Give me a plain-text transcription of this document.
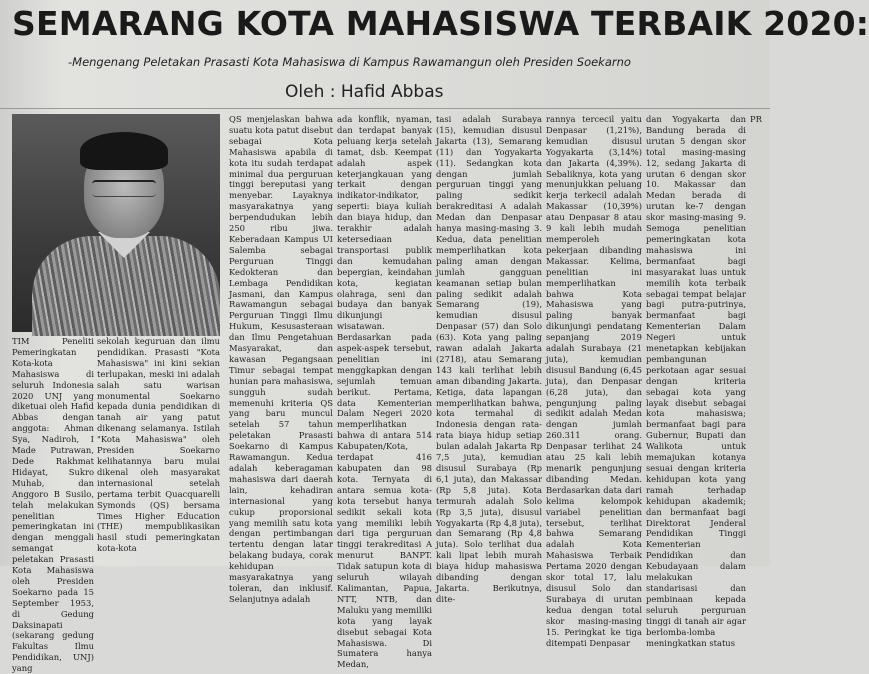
SEMARANG KOTA MAHASISWA TERBAIK 2020:
-Mengenang Peletakan Prasasti Kota Mahasiswa di Kampus Rawamangun oleh Presiden Soekarno
Oleh : Hafid Abbas

TIM Peneliti Pemeringkatan Kota-kota Mahasiswa di seluruh Indonesia 2020 UNJ yang diketuai oleh Hafid Abbas dengan anggota: Ahman Sya, Nadiroh, I Made Putrawan, Dede Rakhmat Hidayat, Sukro Muhab, dan Anggoro B Susilo, telah melakukan penelitian pemeringkatan ini dengan menggali semangat peletakan Prasasti Kota Mahasiswa oleh Presiden Soekarno pada 15 September 1953, di Gedung Daksinapati (sekarang gedung Fakultas Ilmu Pendidikan, UNJ) yang

sekolah keguruan dan ilmu pendidikan. Prasasti "Kota Mahasiswa" ini kini sekian terlupakan, meski ini adalah salah satu warisan monumental Soekarno kepada dunia pendidikan di tanah air yang patut dikenang selamanya. Istilah "Kota Mahasiswa" oleh Presiden Soekarno kelihatannya baru mulai dikenal oleh masyarakat internasional setelah pertama terbit Quacquarelli Symonds (QS) bersama Times Higher Education (THE) mempublikasikan hasil studi pemeringkatan kota-kota

QS menjelaskan bahwa suatu kota patut disebut sebagai Kota Mahasiswa apabila di kota itu sudah terdapat minimal dua perguruan tinggi bereputasi yang menyebar. Layaknya masyarakatnya yang berpendudukan lebih 250 ribu jiwa. Keberadaan Kampus UI Salemba sebagai Perguruan Tinggi Kedokteran dan Lembaga Pendidikan Jasmani, dan Kampus Rawamangun sebagai Perguruan Tinggi Ilmu Hukum, Kesusasteraan dan Ilmu Pengetahuan Masyarakat, dan kawasan Pegangsaan Timur sebagai tempat hunian para mahasiswa, sungguh sudah memenuhi kriteria QS yang baru muncul setelah 57 tahun peletakan Prasasti Soekarno di Kampus Rawamangun. Kedua adalah keberagaman mahasiswa dari daerah lain, kehadiran internasional yang cukup proporsional yang memilih satu kota dengan pertimbangan tertentu dengan latar belakang budaya, corak kehidupan masyarakatnya yang toleran, dan inklusif. Selanjutnya adalah

ada konflik, nyaman, dan terdapat banyak peluang kerja setelah tamat, dsb. Keempat adalah aspek keterjangkauan yang terkait dengan indikator-indikator, seperti: biaya kuliah dan biaya hidup, dan terakhir adalah ketersediaan transportasi publik dan kemudahan bepergian, keindahan kota, kegiatan olahraga, seni dan budaya dan banyak dikunjungi wisatawan. Berdasarkan pada aspek-aspek tersebut, penelitian ini menggkapkan dengan sejumlah temuan berikut. Pertama, data Kementerian Dalam Negeri 2020 memperlihatkan bahwa di antara 514 Kabupaten/Kota, terdapat 416 kabupaten dan 98 kota. Ternyata di antara semua kota-kota tersebut hanya sedikit sekali kota yang memiliki lebih dari tiga perguruan tinggi terakreditasi A menurut BANPT. Tidak satupun kota di seluruh wilayah Kalimantan, Papua, NTT, NTB, dan Maluku yang memiliki kota yang layak disebut sebagai Kota Mahasiswa. Di Sumatera hanya Medan,

tasi adalah Surabaya (15), kemudian disusul Jakarta (13), Semarang (11) dan Yogyakarta (11). Sedangkan kota dengan jumlah perguruan tinggi yang paling sedikit berakreditasi A adalah Medan dan Denpasar hanya masing-masing 3. Kedua, data penelitian memperlihatkan kota paling aman dengan jumlah gangguan keamanan setiap bulan paling sedikit adalah Semarang (19), kemudian disusul Denpasar (57) dan Solo (63). Kota yang paling rawan adalah Jakarta (2718), atau Semarang 143 kali terlihat lebih aman dibanding Jakarta. Ketiga, data lapangan memperlihatkan bahwa, kota termahal di Indonesia dengan rata-rata biaya hidup setiap bulan adalah Jakarta Rp 7,5 juta), kemudian disusul Surabaya (Rp 6,1 juta), dan Makassar (Rp 5,8 juta). Kota termurah adalah Solo (Rp 3,5 juta), disusul Yogyakarta (Rp 4,8 juta), dan Semarang (Rp 4,8 juta). Solo terlihat dua kali lipat lebih murah biaya hidup mahasiswa dibanding dengan Jakarta. Berikutnya, dite-

rannya tercecil yaitu Denpasar (1,21%), kemudian disusul Yogyakarta (3,14%) dan Jakarta (4,39%). Sebaliknya, kota yang menunjukkan peluang kerja terkecil adalah Makassar (10,39%) atau Denpasar 8 atau 9 kali lebih mudah memperoleh pekerjaan dibanding Makassar. Kelima, penelitian ini memperlihatkan bahwa Kota Mahasiswa yang paling banyak dikunjungi pendatang sepanjang 2019 adalah Surabaya (21 juta), kemudian disusul Bandung (6,45 juta), dan Denpasar (6,28 juta), dan pengunjung paling sedikit adalah Medan dengan jumlah 260.311 orang. Denpasar terlihat 24 atau 25 kali lebih menarik pengunjung dibanding Medan. Berdasarkan data dari kelima kelompok variabel penelitian tersebut, terlihat bahwa Semarang adalah Kota Mahasiswa Terbaik Pertama 2020 dengan skor total 17, lalu disusul Solo dan Surabaya di urutan kedua dengan total skor masing-masing 15. Peringkat ke tiga ditempati Denpasar

dan Yogyakarta dan Bandung berada di urutan 5 dengan skor total masing-masing 12, sedang Jakarta di urutan 6 dengan skor 10. Makassar dan Medan berada di urutan ke-7 dengan skor masing-masing 9. Semoga penelitian pemeringkatan kota mahasiswa ini bermanfaat bagi masyarakat luas untuk memilih kota terbaik sebagai tempat belajar bagi putra-putrinya, bermanfaat bagi Kementerian Dalam Negeri untuk menetapkan kebijakan pembangunan perkotaan agar sesuai dengan kriteria sebagai kota yang layak disebut sebagai kota mahasiswa; bermanfaat bagi para Gubernur, Bupati dan Walikota untuk memajukan kotanya sesuai dengan kriteria kehidupan kota yang ramah terhadap kehidupan akademik; dan bermanfaat bagi Direktorat Jenderal Pendidikan Tinggi Kementerian Pendidikan dan Kebudayaan dalam melakukan standarisasi dan pembinaan kepada seluruh perguruan tinggi di tanah air agar berlomba-lomba meningkatkan status

PR
